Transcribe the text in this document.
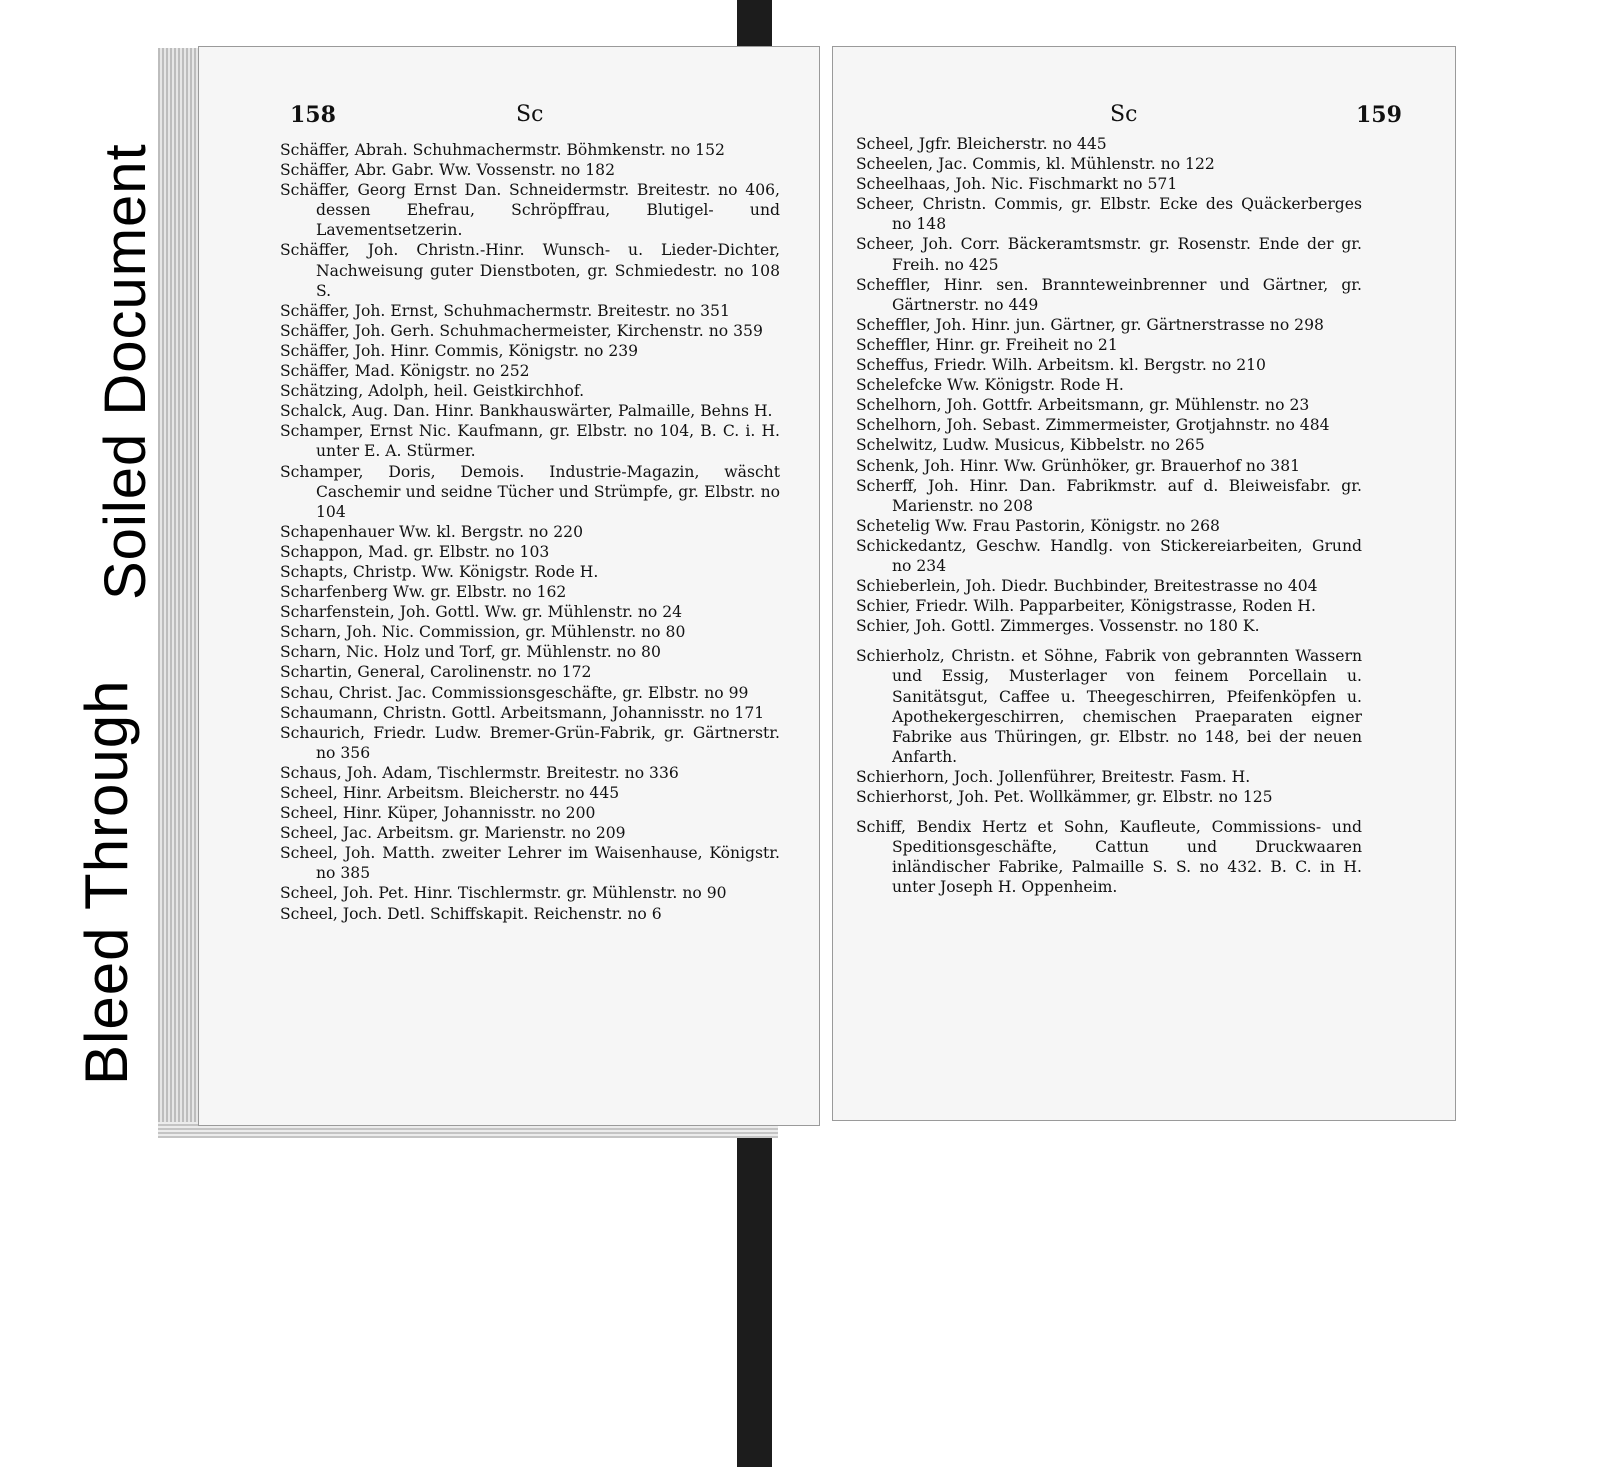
Soiled Document
Bleed Through
158	Sc

Schäffer, Abrah. Schuhmachermstr. Böhmkenstr. no 152

Schäffer, Abr. Gabr. Ww. Vossenstr. no 182

Schäffer, Georg Ernst Dan. Schneidermstr. Breitestr. no 406, dessen Ehefrau, Schröpffrau, Blutigel- und Lavementsetzerin.

Schäffer, Joh. Christn.-Hinr. Wunsch- u. Lieder-Dichter, Nachweisung guter Dienstboten, gr. Schmiedestr. no 108 S.

Schäffer, Joh. Ernst, Schuhmachermstr. Breitestr. no 351

Schäffer, Joh. Gerh. Schuhmachermeister, Kirchenstr. no 359

Schäffer, Joh. Hinr. Commis, Königstr. no 239

Schäffer, Mad. Königstr. no 252

Schätzing, Adolph, heil. Geistkirchhof.

Schalck, Aug. Dan. Hinr. Bankhauswärter, Palmaille, Behns H.

Schamper, Ernst Nic. Kaufmann, gr. Elbstr. no 104, B. C. i. H. unter E. A. Stürmer.

Schamper, Doris, Demois. Industrie-Magazin, wäscht Caschemir und seidne Tücher und Strümpfe, gr. Elbstr. no 104

Schapenhauer Ww. kl. Bergstr. no 220

Schappon, Mad. gr. Elbstr. no 103

Schapts, Christp. Ww. Königstr. Rode H.

Scharfenberg Ww. gr. Elbstr. no 162

Scharfenstein, Joh. Gottl. Ww. gr. Mühlenstr. no 24

Scharn, Joh. Nic. Commission, gr. Mühlenstr. no 80

Scharn, Nic. Holz und Torf, gr. Mühlenstr. no 80

Schartin, General, Carolinenstr. no 172

Schau, Christ. Jac. Commissionsgeschäfte, gr. Elbstr. no 99

Schaumann, Christn. Gottl. Arbeitsmann, Johannisstr. no 171

Schaurich, Friedr. Ludw. Bremer-Grün-Fabrik, gr. Gärtnerstr. no 356

Schaus, Joh. Adam, Tischlermstr. Breitestr. no 336

Scheel, Hinr. Arbeitsm. Bleicherstr. no 445

Scheel, Hinr. Küper, Johannisstr. no 200

Scheel, Jac. Arbeitsm. gr. Marienstr. no 209

Scheel, Joh. Matth. zweiter Lehrer im Waisenhause, Königstr. no 385

Scheel, Joh. Pet. Hinr. Tischlermstr. gr. Mühlenstr. no 90

Scheel, Joch. Detl. Schiffskapit. Reichenstr. no 6

Sc	159

Scheel, Jgfr. Bleicherstr. no 445

Scheelen, Jac. Commis, kl. Mühlenstr. no 122

Scheelhaas, Joh. Nic. Fischmarkt no 571

Scheer, Christn. Commis, gr. Elbstr. Ecke des Quäckerberges no 148

Scheer, Joh. Corr. Bäckeramtsmstr. gr. Rosenstr. Ende der gr. Freih. no 425

Scheffler, Hinr. sen. Brannteweinbrenner und Gärtner, gr. Gärtnerstr. no 449

Scheffler, Joh. Hinr. jun. Gärtner, gr. Gärtnerstrasse no 298

Scheffler, Hinr. gr. Freiheit no 21

Scheffus, Friedr. Wilh. Arbeitsm. kl. Bergstr. no 210

Schelefcke Ww. Königstr. Rode H.

Schelhorn, Joh. Gottfr. Arbeitsmann, gr. Mühlenstr. no 23

Schelhorn, Joh. Sebast. Zimmermeister, Grotjahnstr. no 484

Schelwitz, Ludw. Musicus, Kibbelstr. no 265

Schenk, Joh. Hinr. Ww. Grünhöker, gr. Brauerhof no 381

Scherff, Joh. Hinr. Dan. Fabrikmstr. auf d. Bleiweisfabr. gr. Marienstr. no 208

Schetelig Ww. Frau Pastorin, Königstr. no 268

Schickedantz, Geschw. Handlg. von Stickereiarbeiten, Grund no 234

Schieberlein, Joh. Diedr. Buchbinder, Breitestrasse no 404

Schier, Friedr. Wilh. Papparbeiter, Königstrasse, Roden H.

Schier, Joh. Gottl. Zimmerges. Vossenstr. no 180 K.

Schierholz, Christn. et Söhne, Fabrik von gebrannten Wassern und Essig, Musterlager von feinem Porcellain u. Sanitätsgut, Caffee u. Theegeschirren, Pfeifenköpfen u. Apothekergeschirren, chemischen Praeparaten eigner Fabrike aus Thüringen, gr. Elbstr. no 148, bei der neuen Anfarth.

Schierhorn, Joch. Jollenführer, Breitestr. Fasm. H.

Schierhorst, Joh. Pet. Wollkämmer, gr. Elbstr. no 125

Schiff, Bendix Hertz et Sohn, Kaufleute, Commissions- und Speditionsgeschäfte, Cattun und Druckwaaren inländischer Fabrike, Palmaille S. S. no 432. B. C. in H. unter Joseph H. Oppenheim.
